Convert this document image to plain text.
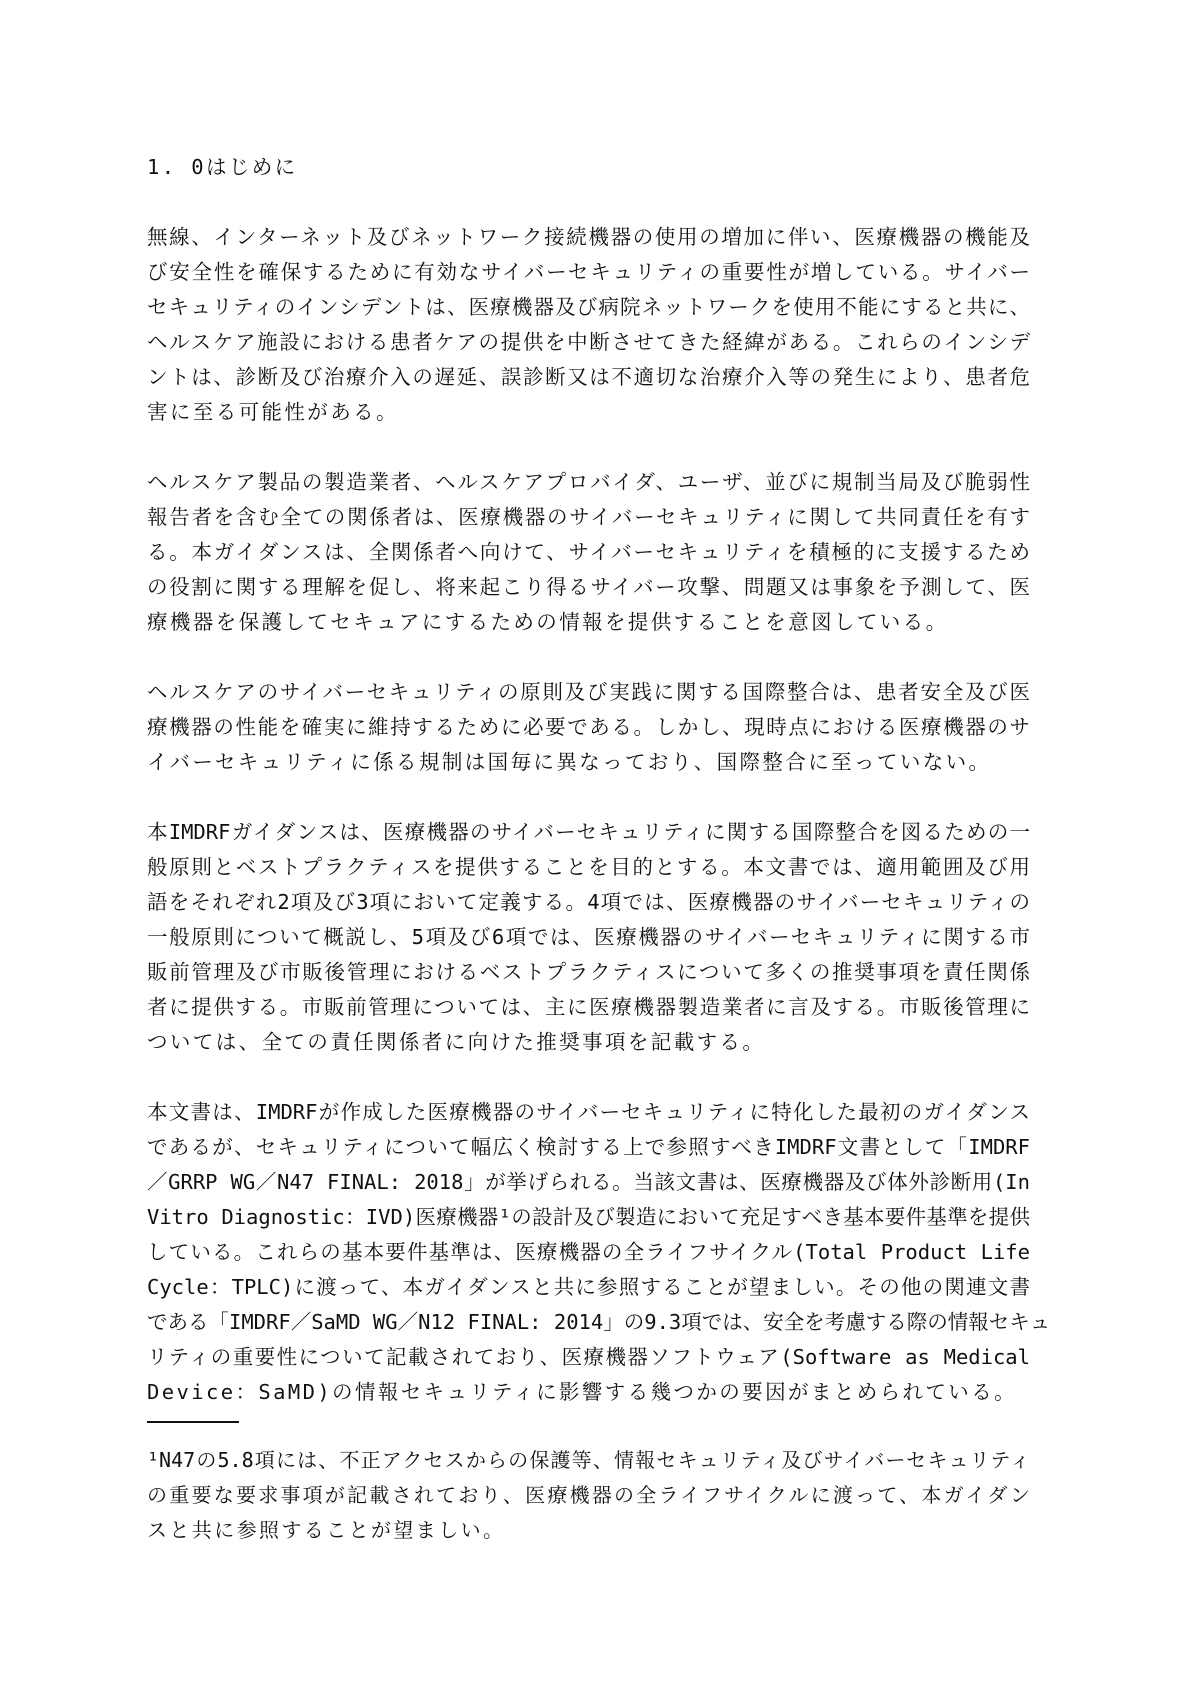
1. 0はじめに
無線、インターネット及びネットワーク接続機器の使用の増加に伴い、医療機器の機能及
び安全性を確保するために有効なサイバーセキュリティの重要性が増している。サイバー
セキュリティのインシデントは、医療機器及び病院ネットワークを使用不能にすると共に、
ヘルスケア施設における患者ケアの提供を中断させてきた経緯がある。これらのインシデ
ントは、診断及び治療介入の遅延、誤診断又は不適切な治療介入等の発生により、患者危
害に至る可能性がある。
ヘルスケア製品の製造業者、ヘルスケアプロバイダ、ユーザ、並びに規制当局及び脆弱性
報告者を含む全ての関係者は、医療機器のサイバーセキュリティに関して共同責任を有す
る。本ガイダンスは、全関係者へ向けて、サイバーセキュリティを積極的に支援するため
の役割に関する理解を促し、将来起こり得るサイバー攻撃、問題又は事象を予測して、医
療機器を保護してセキュアにするための情報を提供することを意図している。
ヘルスケアのサイバーセキュリティの原則及び実践に関する国際整合は、患者安全及び医
療機器の性能を確実に維持するために必要である。しかし、現時点における医療機器のサ
イバーセキュリティに係る規制は国毎に異なっており、国際整合に至っていない。
本IMDRFガイダンスは、医療機器のサイバーセキュリティに関する国際整合を図るための一
般原則とベストプラクティスを提供することを目的とする。本文書では、適用範囲及び用
語をそれぞれ2項及び3項において定義する。4項では、医療機器のサイバーセキュリティの
一般原則について概説し、5項及び6項では、医療機器のサイバーセキュリティに関する市
販前管理及び市販後管理におけるベストプラクティスについて多くの推奨事項を責任関係
者に提供する。市販前管理については、主に医療機器製造業者に言及する。市販後管理に
ついては、全ての責任関係者に向けた推奨事項を記載する。
本文書は、IMDRFが作成した医療機器のサイバーセキュリティに特化した最初のガイダンス
であるが、セキュリティについて幅広く検討する上で参照すべきIMDRF文書として「IMDRF
／GRRP WG／N47 FINAL: 2018」が挙げられる。当該文書は、医療機器及び体外診断用(In
Vitro Diagnostic：IVD)医療機器¹の設計及び製造において充足すべき基本要件基準を提供
している。これらの基本要件基準は、医療機器の全ライフサイクル(Total Product Life
Cycle：TPLC)に渡って、本ガイダンスと共に参照することが望ましい。その他の関連文書
である「IMDRF／SaMD WG／N12 FINAL: 2014」の9.3項では、安全を考慮する際の情報セキュ
リティの重要性について記載されており、医療機器ソフトウェア(Software as Medical
Device：SaMD)の情報セキュリティに影響する幾つかの要因がまとめられている。
¹N47の5.8項には、不正アクセスからの保護等、情報セキュリティ及びサイバーセキュリティ
の重要な要求事項が記載されており、医療機器の全ライフサイクルに渡って、本ガイダン
スと共に参照することが望ましい。
